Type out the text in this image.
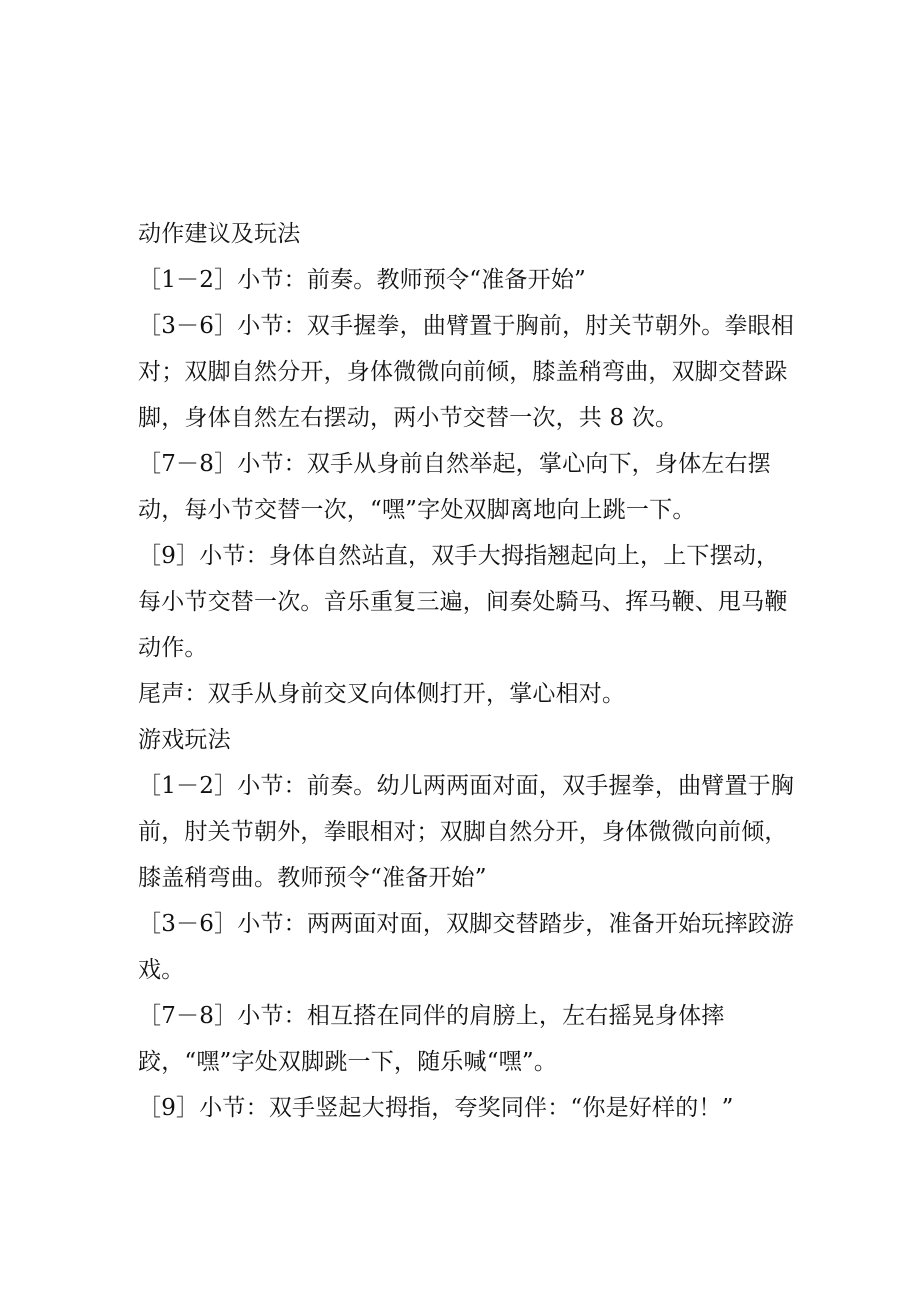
动作建议及玩法

［1－2］小节：前奏。教师预令“准备开始”

［3－6］小节：双手握拳，曲臂置于胸前，肘关节朝外。拳眼相对；双脚自然分开，身体微微向前倾，膝盖稍弯曲，双脚交替跺脚，身体自然左右摆动，两小节交替一次，共 8 次。

［7－8］小节：双手从身前自然举起，掌心向下，身体左右摆动，每小节交替一次，“嘿”字处双脚离地向上跳一下。

［9］小节：身体自然站直，双手大拇指翘起向上，上下摆动，每小节交替一次。音乐重复三遍，间奏处騎马、挥马鞭、甩马鞭动作。

尾声：双手从身前交叉向体侧打开，掌心相对。

游戏玩法

［1－2］小节：前奏。幼儿两两面对面，双手握拳，曲臂置于胸前，肘关节朝外，拳眼相对；双脚自然分开，身体微微向前倾，膝盖稍弯曲。教师预令“准备开始”

［3－6］小节：两两面对面，双脚交替踏步，准备开始玩摔跤游戏。

［7－8］小节：相互搭在同伴的肩膀上，左右摇晃身体摔跤，“嘿”字处双脚跳一下，随乐喊“嘿”。

［9］小节：双手竖起大拇指，夸奖同伴：“你是好样的！”
